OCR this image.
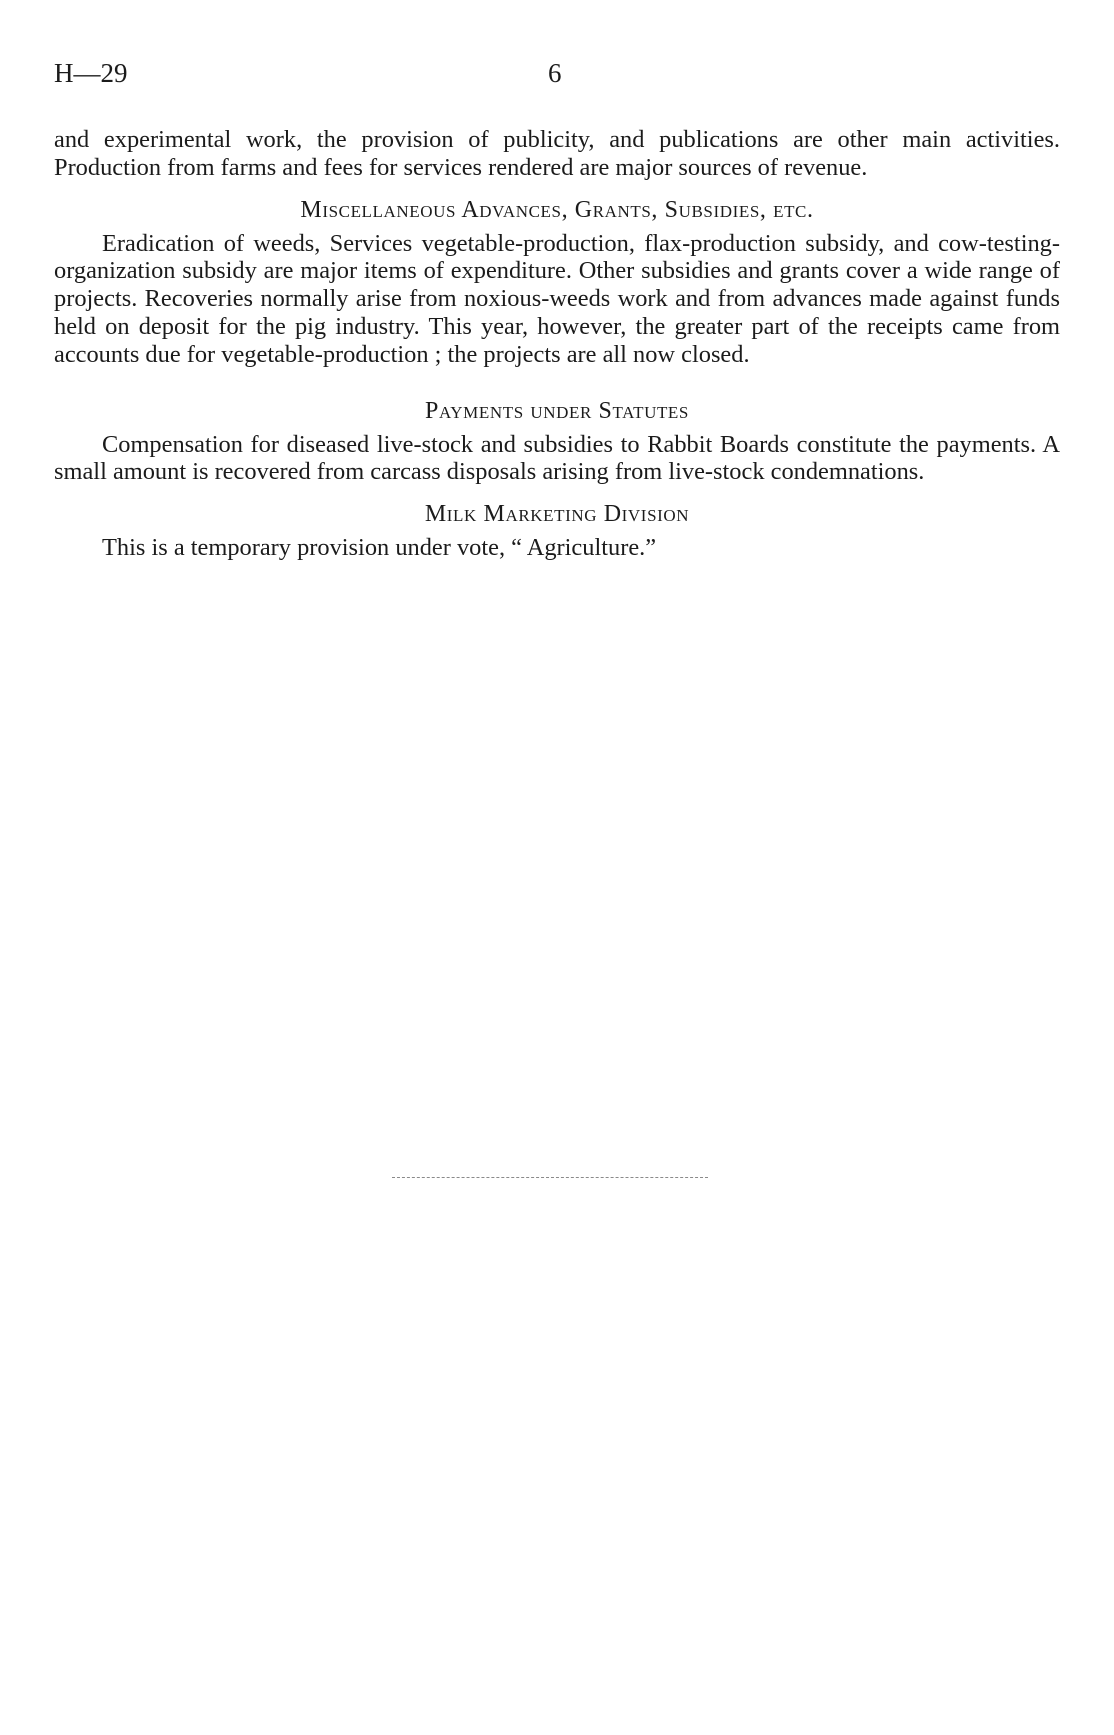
H—29	6

and experimental work, the provision of publicity, and publications are other main activities. Production from farms and fees for services rendered are major sources of revenue.

Miscellaneous Advances, Grants, Subsidies, etc.

Eradication of weeds, Services vegetable-production, flax-production subsidy, and cow-testing-organization subsidy are major items of expenditure. Other subsidies and grants cover a wide range of projects. Recoveries normally arise from noxious-weeds work and from advances made against funds held on deposit for the pig industry. This year, however, the greater part of the receipts came from accounts due for vegetable-production ; the projects are all now closed.

Payments under Statutes

Compensation for diseased live-stock and subsidies to Rabbit Boards constitute the payments. A small amount is recovered from carcass disposals arising from live-stock condemnations.

Milk Marketing Division

This is a temporary provision under vote, “ Agriculture.”
